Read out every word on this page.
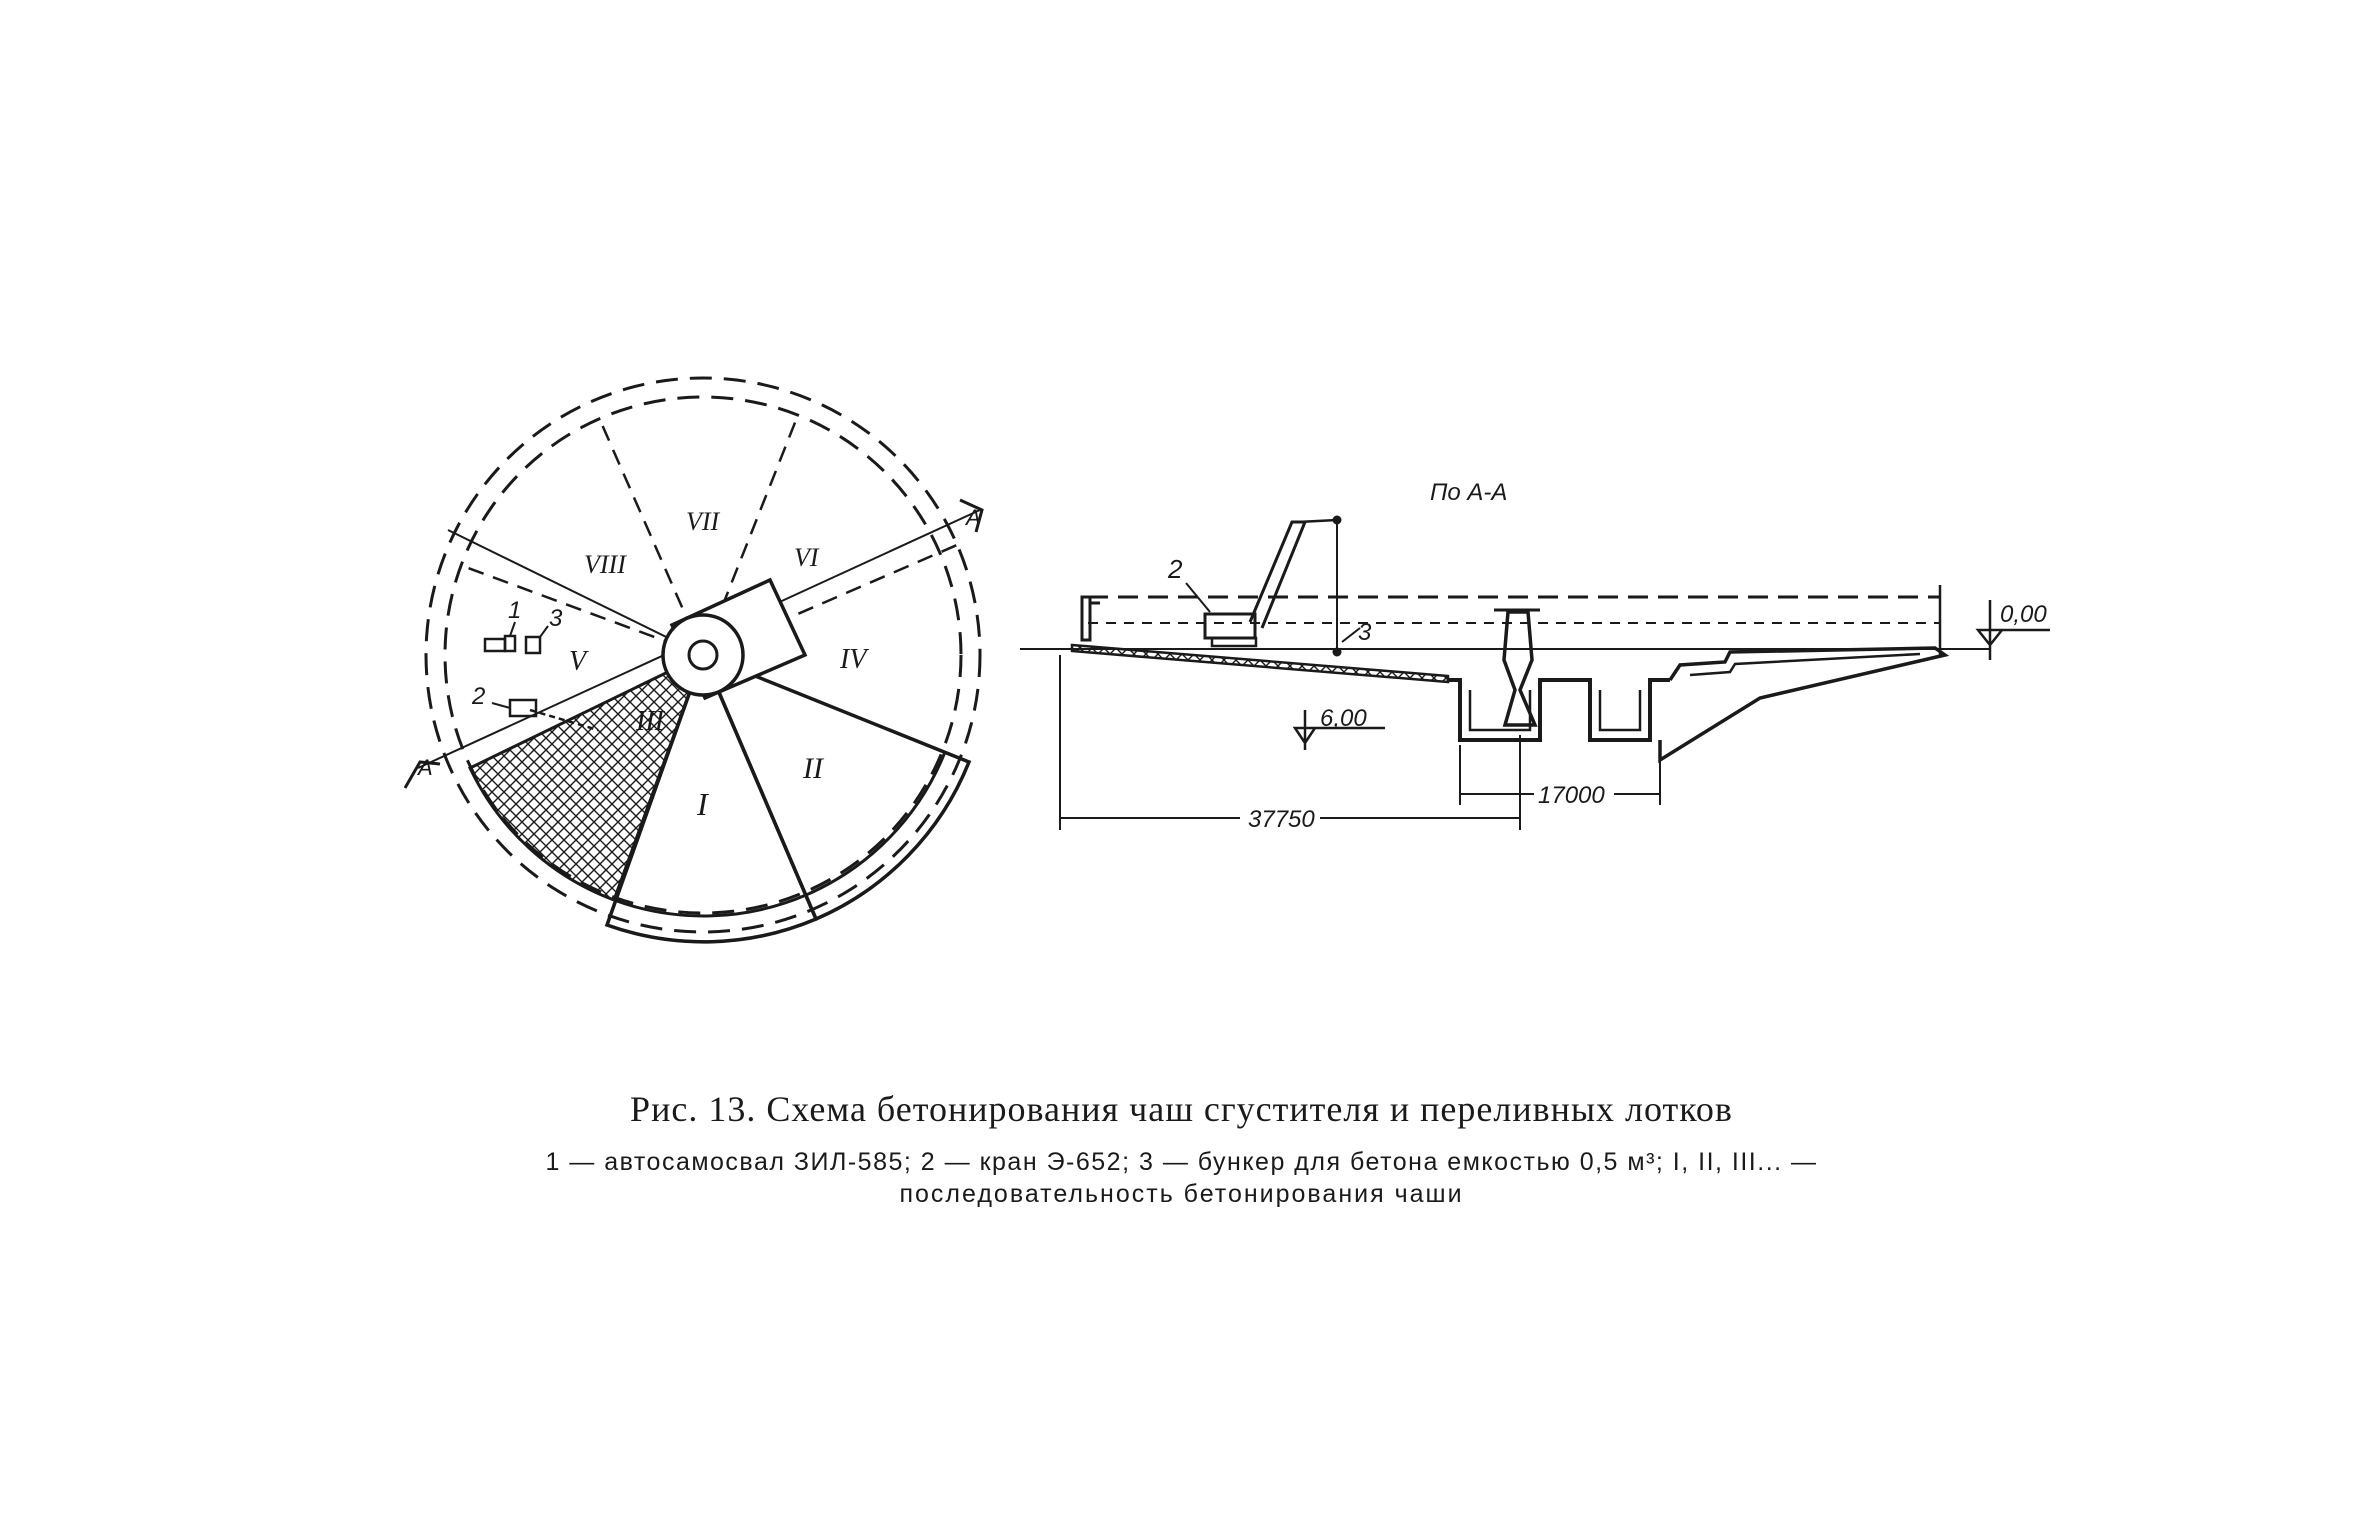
A
A
I
II
III
IV
V
VI
VII
VIII
1
2
3
По А-А
2
3
0,00
6,00
37750
17000
Рис. 13. Схема бетонирования чаш сгустителя и переливных лотков
1 — автосамосвал ЗИЛ-585; 2 — кран Э-652; 3 — бункер для бетона емкостью 0,5 м³; I, II, III... —
последовательность бетонирования чаши
